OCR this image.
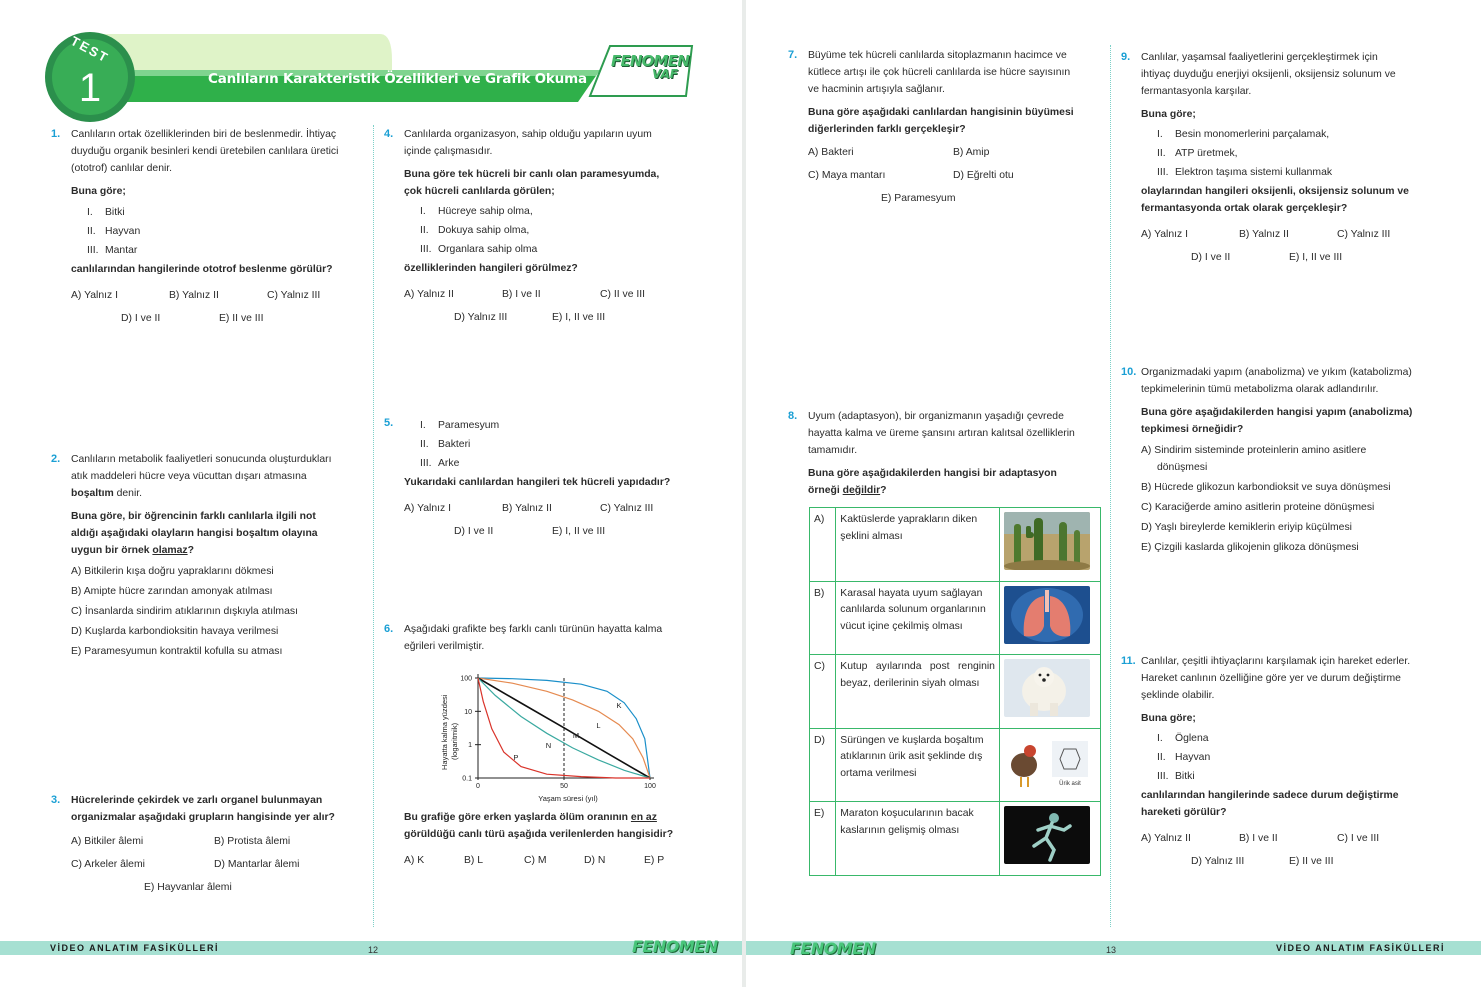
TEST
1	Canlıların Karakteristik Özellikleri ve Grafik Okuma
FENOMEN
VAF
1. Canlıların ortak özelliklerinden biri de beslenmedir. İhtiyaç
duyduğu organik besinleri kendi üretebilen canlılara üretici
(ototrof) canlılar denir.
Buna göre;
I. Bitki
II. Hayvan
III. Mantar
canlılarından hangilerinde ototrof beslenme görülür?
A) Yalnız I	B) Yalnız II	C) Yalnız III
D) I ve II	E) II ve III
2. Canlıların metabolik faaliyetleri sonucunda oluşturdukları
atık maddeleri hücre veya vücuttan dışarı atmasına
boşaltım denir.
Buna göre, bir öğrencinin farklı canlılarla ilgili not
aldığı aşağıdaki olayların hangisi boşaltım olayına
uygun bir örnek olamaz?
A) Bitkilerin kışa doğru yapraklarını dökmesi
B) Amipte hücre zarından amonyak atılması
C) İnsanlarda sindirim atıklarının dışkıyla atılması
D) Kuşlarda karbondioksitin havaya verilmesi
E) Paramesyumun kontraktil kofulla su atması
3. Hücrelerinde çekirdek ve zarlı organel bulunmayan
organizmalar aşağıdaki grupların hangisinde yer alır?
A) Bitkiler âlemi	B) Protista âlemi
C) Arkeler âlemi	D) Mantarlar âlemi
E) Hayvanlar âlemi
4. Canlılarda organizasyon, sahip olduğu yapıların uyum
içinde çalışmasıdır.
Buna göre tek hücreli bir canlı olan paramesyumda,
çok hücreli canlılarda görülen;
I. Hücreye sahip olma,
II. Dokuya sahip olma,
III. Organlara sahip olma
özelliklerinden hangileri görülmez?
A) Yalnız II	B) I ve II	C) II ve III
D) Yalnız III	E) I, II ve III
5.	I. Paramesyum
II. Bakteri
III. Arke
Yukarıdaki canlılardan hangileri tek hücreli yapıdadır?
A) Yalnız I	B) Yalnız II	C) Yalnız III
D) I ve II	E) I, II ve III
6. Aşağıdaki grafikte beş farklı canlı türünün hayatta kalma
eğrileri verilmiştir.
Hayatta kalma yüzdesi (logaritmik)
Yaşam süresi (yıl)
100
10
1
0.1
0	50	100
K
L
M
N
P
Bu grafiğe göre erken yaşlarda ölüm oranının en az
görüldüğü canlı türü aşağıda verilenlerden hangisidir?
A) K	B) L	C) M	D) N	E) P
VİDEO ANLATIM FASİKÜLLERİ	12	FENOMEN
7. Büyüme tek hücreli canlılarda sitoplazmanın hacimce ve
kütlece artışı ile çok hücreli canlılarda ise hücre sayısının
ve hacminin artışıyla sağlanır.
Buna göre aşağıdaki canlılardan hangisinin büyümesi
diğerlerinden farklı gerçekleşir?
A) Bakteri	B) Amip
C) Maya mantarı	D) Eğrelti otu
E) Paramesyum
8. Uyum (adaptasyon), bir organizmanın yaşadığı çevrede
hayatta kalma ve üreme şansını artıran kalıtsal özelliklerin
tamamıdır.
Buna göre aşağıdakilerden hangisi bir adaptasyon
örneği değildir?
A)	Kaktüslerde yaprakların diken şeklini alması	
B)	Karasal hayata uyum sağlayan canlılarda solunum organlarının vücut içine çekilmiş olması	
C)	Kutup ayılarında post renginin beyaz, derilerinin siyah olması	
D)	Sürüngen ve kuşlarda boşaltım atıklarının ürik asit şeklinde dış ortama verilmesi	Ürik asit

E)	Maraton koşucularının bacak kaslarının gelişmiş olması	
9. Canlılar, yaşamsal faaliyetlerini gerçekleştirmek için
ihtiyaç duyduğu enerjiyi oksijenli, oksijensiz solunum ve
fermantasyonla karşılar.
Buna göre;
I. Besin monomerlerini parçalamak,
II. ATP üretmek,
III. Elektron taşıma sistemi kullanmak
olaylarından hangileri oksijenli, oksijensiz solunum ve
fermantasyonda ortak olarak gerçekleşir?
A) Yalnız I	B) Yalnız II	C) Yalnız III
D) I ve II	E) I, II ve III
10. Organizmadaki yapım (anabolizma) ve yıkım (katabolizma)
tepkimelerinin tümü metabolizma olarak adlandırılır.
Buna göre aşağıdakilerden hangisi yapım (anabolizma)
tepkimesi örneğidir?
A) Sindirim sisteminde proteinlerin amino asitlere
dönüşmesi
B) Hücrede glikozun karbondioksit ve suya dönüşmesi
C) Karaciğerde amino asitlerin proteine dönüşmesi
D) Yaşlı bireylerde kemiklerin eriyip küçülmesi
E) Çizgili kaslarda glikojenin glikoza dönüşmesi
11. Canlılar, çeşitli ihtiyaçlarını karşılamak için hareket ederler.
Hareket canlının özelliğine göre yer ve durum değiştirme
şeklinde olabilir.
Buna göre;
I. Öglena
II. Hayvan
III. Bitki
canlılarından hangilerinde sadece durum değiştirme
hareketi görülür?
A) Yalnız II	B) I ve II	C) I ve III
D) Yalnız III	E) II ve III
FENOMEN	13	VİDEO ANLATIM FASİKÜLLERİ
